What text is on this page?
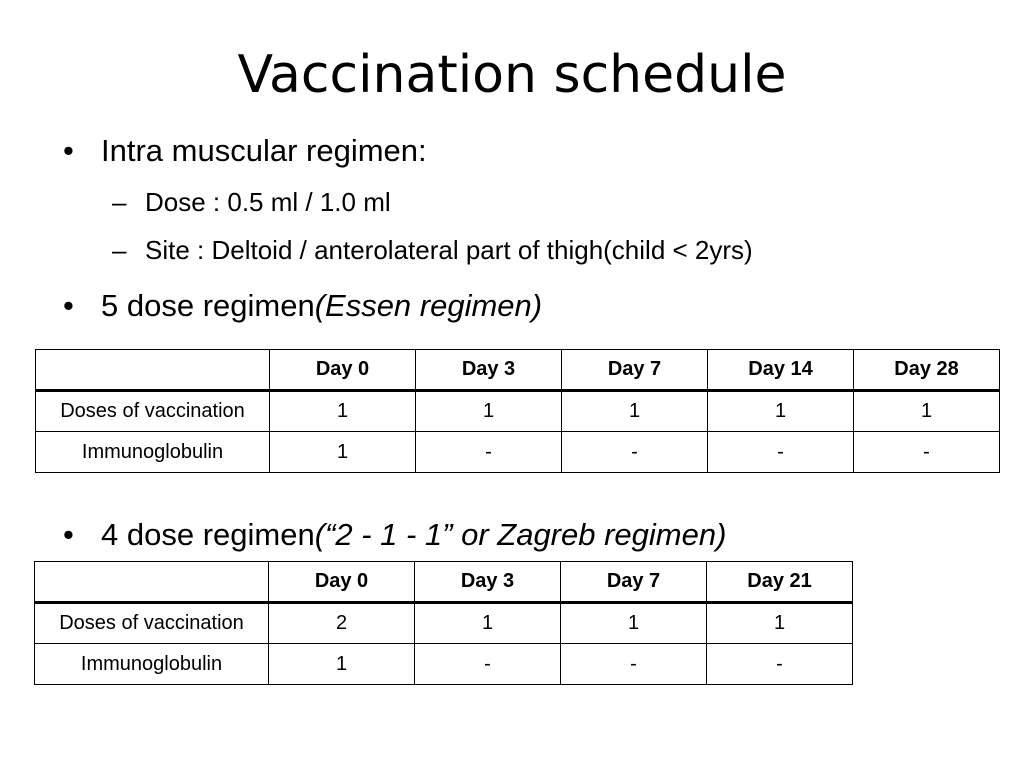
Vaccination schedule
• Intra muscular regimen:
– Dose : 0.5 ml / 1.0 ml
– Site : Deltoid / anterolateral part of thigh(child < 2yrs)
• 5 dose regimen(Essen regimen)
	Day 0	Day 3	Day 7	Day 14	Day 28
Doses of vaccination	1	1	1	1	1
Immunoglobulin	1	-	-	-	-
• 4 dose regimen(“2 - 1 - 1” or Zagreb regimen)
	Day 0	Day 3	Day 7	Day 21
Doses of vaccination	2	1	1	1
Immunoglobulin	1	-	-	-
